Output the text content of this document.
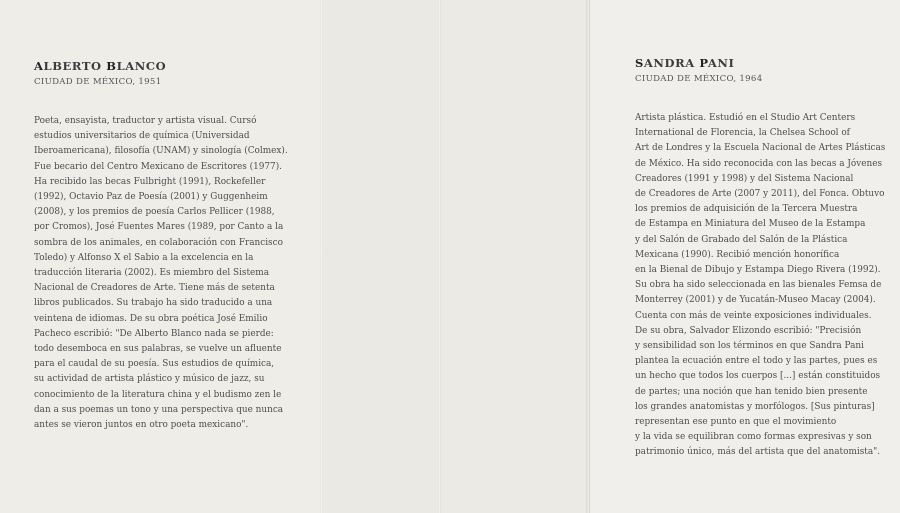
ALBERTO BLANCO

CIUDAD DE MÉXICO, 1951

Poeta, ensayista, traductor y artista visual. Cursó
estudios universitarios de química (Universidad
Iberoamericana), filosofía (UNAM) y sinología (Colmex).
Fue becario del Centro Mexicano de Escritores (1977).
Ha recibido las becas Fulbright (1991), Rockefeller
(1992), Octavio Paz de Poesía (2001) y Guggenheim
(2008), y los premios de poesía Carlos Pellicer (1988,
por Cromos), José Fuentes Mares (1989, por Canto a la
sombra de los animales, en colaboración con Francisco
Toledo) y Alfonso X el Sabio a la excelencia en la
traducción literaria (2002). Es miembro del Sistema
Nacional de Creadores de Arte. Tiene más de setenta
libros publicados. Su trabajo ha sido traducido a una
veintena de idiomas. De su obra poética José Emilio
Pacheco escribió: "De Alberto Blanco nada se pierde:
todo desemboca en sus palabras, se vuelve un afluente
para el caudal de su poesía. Sus estudios de química,
su actividad de artista plástico y músico de jazz, su
conocimiento de la literatura china y el budismo zen le
dan a sus poemas un tono y una perspectiva que nunca
antes se vieron juntos en otro poeta mexicano".
SANDRA PANI

CIUDAD DE MÉXICO, 1964

Artista plástica. Estudió en el Studio Art Centers
International de Florencia, la Chelsea School of
Art de Londres y la Escuela Nacional de Artes Plásticas
de México. Ha sido reconocida con las becas a Jóvenes
Creadores (1991 y 1998) y del Sistema Nacional
de Creadores de Arte (2007 y 2011), del Fonca. Obtuvo
los premios de adquisición de la Tercera Muestra
de Estampa en Miniatura del Museo de la Estampa
y del Salón de Grabado del Salón de la Plástica
Mexicana (1990). Recibió mención honorífica
en la Bienal de Dibujo y Estampa Diego Rivera (1992).
Su obra ha sido seleccionada en las bienales Femsa de
Monterrey (2001) y de Yucatán-Museo Macay (2004).
Cuenta con más de veinte exposiciones individuales.
De su obra, Salvador Elizondo escribió: "Precisión
y sensibilidad son los términos en que Sandra Pani
plantea la ecuación entre el todo y las partes, pues es
un hecho que todos los cuerpos [...] están constituidos
de partes; una noción que han tenido bien presente
los grandes anatomistas y morfólogos. [Sus pinturas]
representan ese punto en que el movimiento
y la vida se equilibran como formas expresivas y son
patrimonio único, más del artista que del anatomista".
